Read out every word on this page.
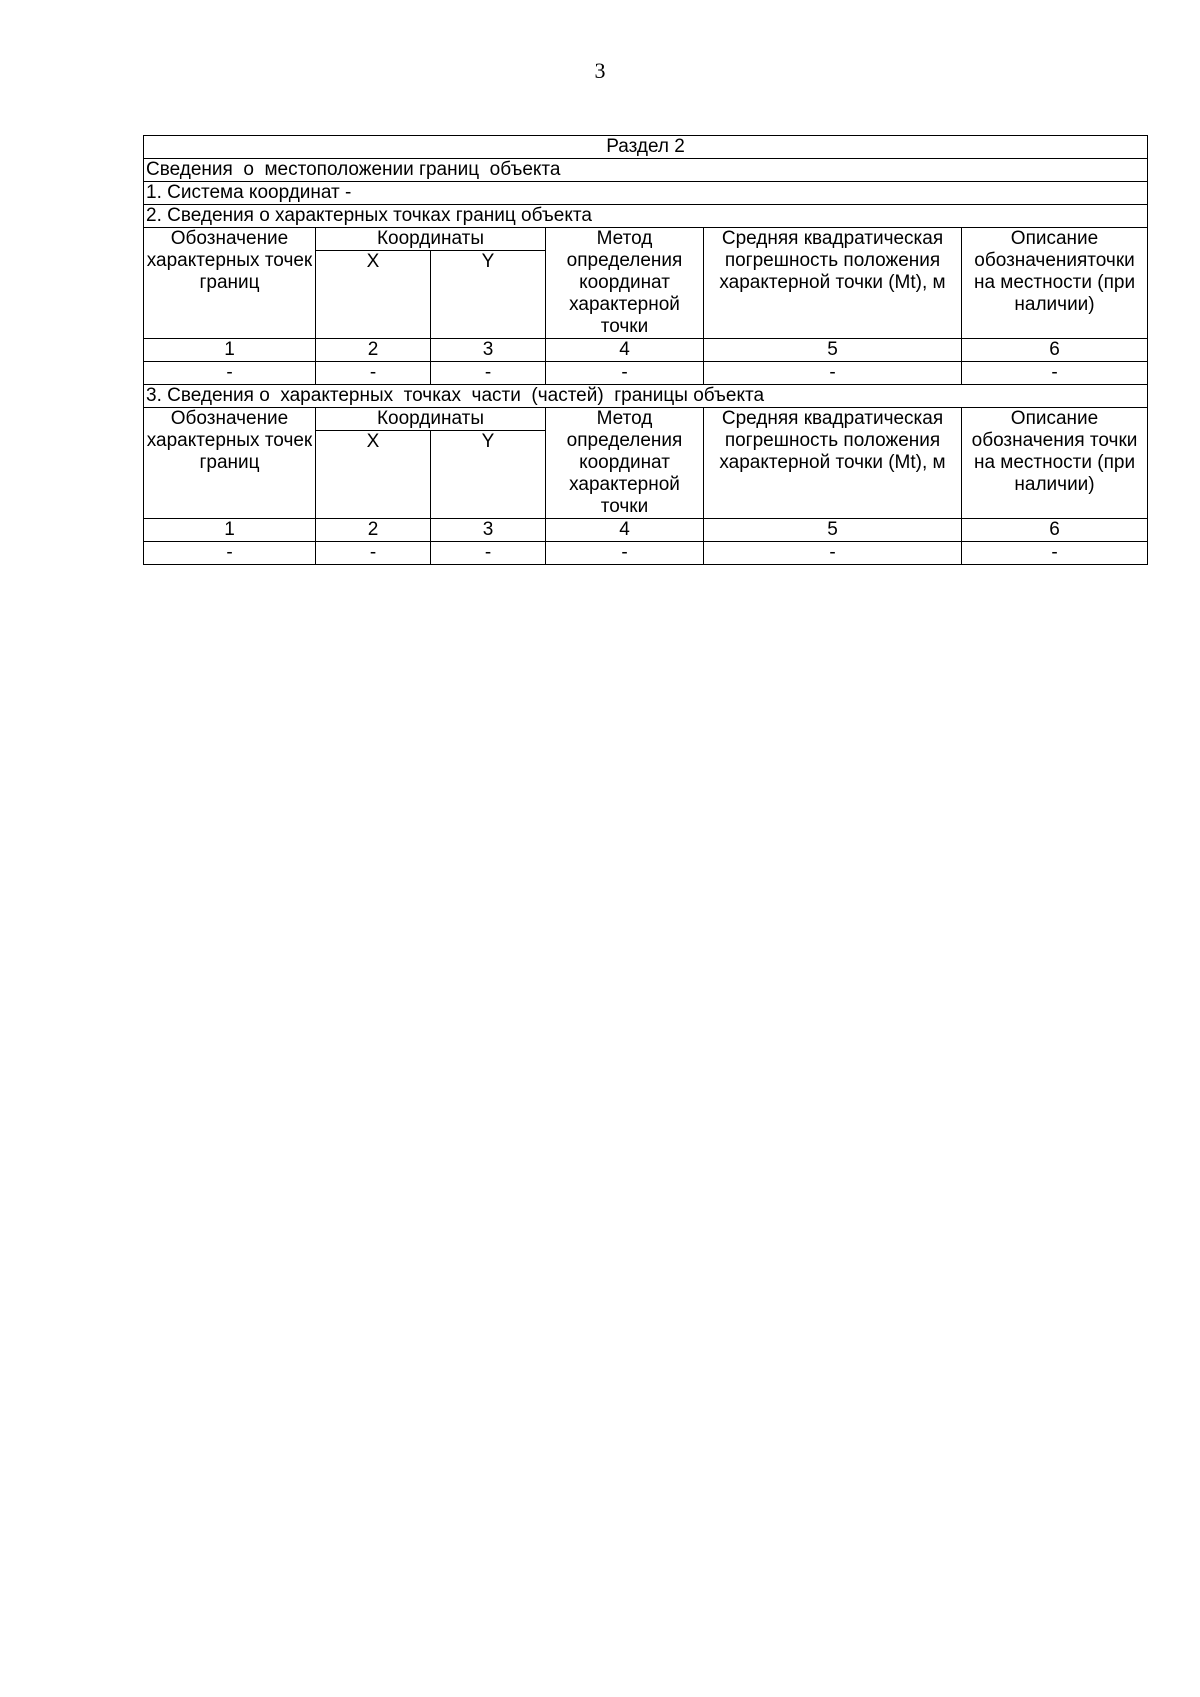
3
Раздел 2					
Сведения  о  местоположении границ  объекта					
1. Система координат -					
2. Сведения о характерных точках границ объекта					
Обозначение характерных точек границ	Координаты		Метод определения координат характерной точки	Средняя квадратическая погрешность положения характерной точки (Mt), м	Описание обозначенияточки на местности (при наличии)
	X	Y			
1	2	3	4	5	6
-	-	-	-	-	-
3. Сведения о  характерных  точках  части  (частей)  границы объекта					
Обозначение характерных точек границ	Координаты		Метод определения координат характерной точки	Средняя квадратическая погрешность положения характерной точки (Mt), м	Описание обозначения точки на местности (при наличии)
	X	Y			
1	2	3	4	5	6
-	-	-	-	-	-
